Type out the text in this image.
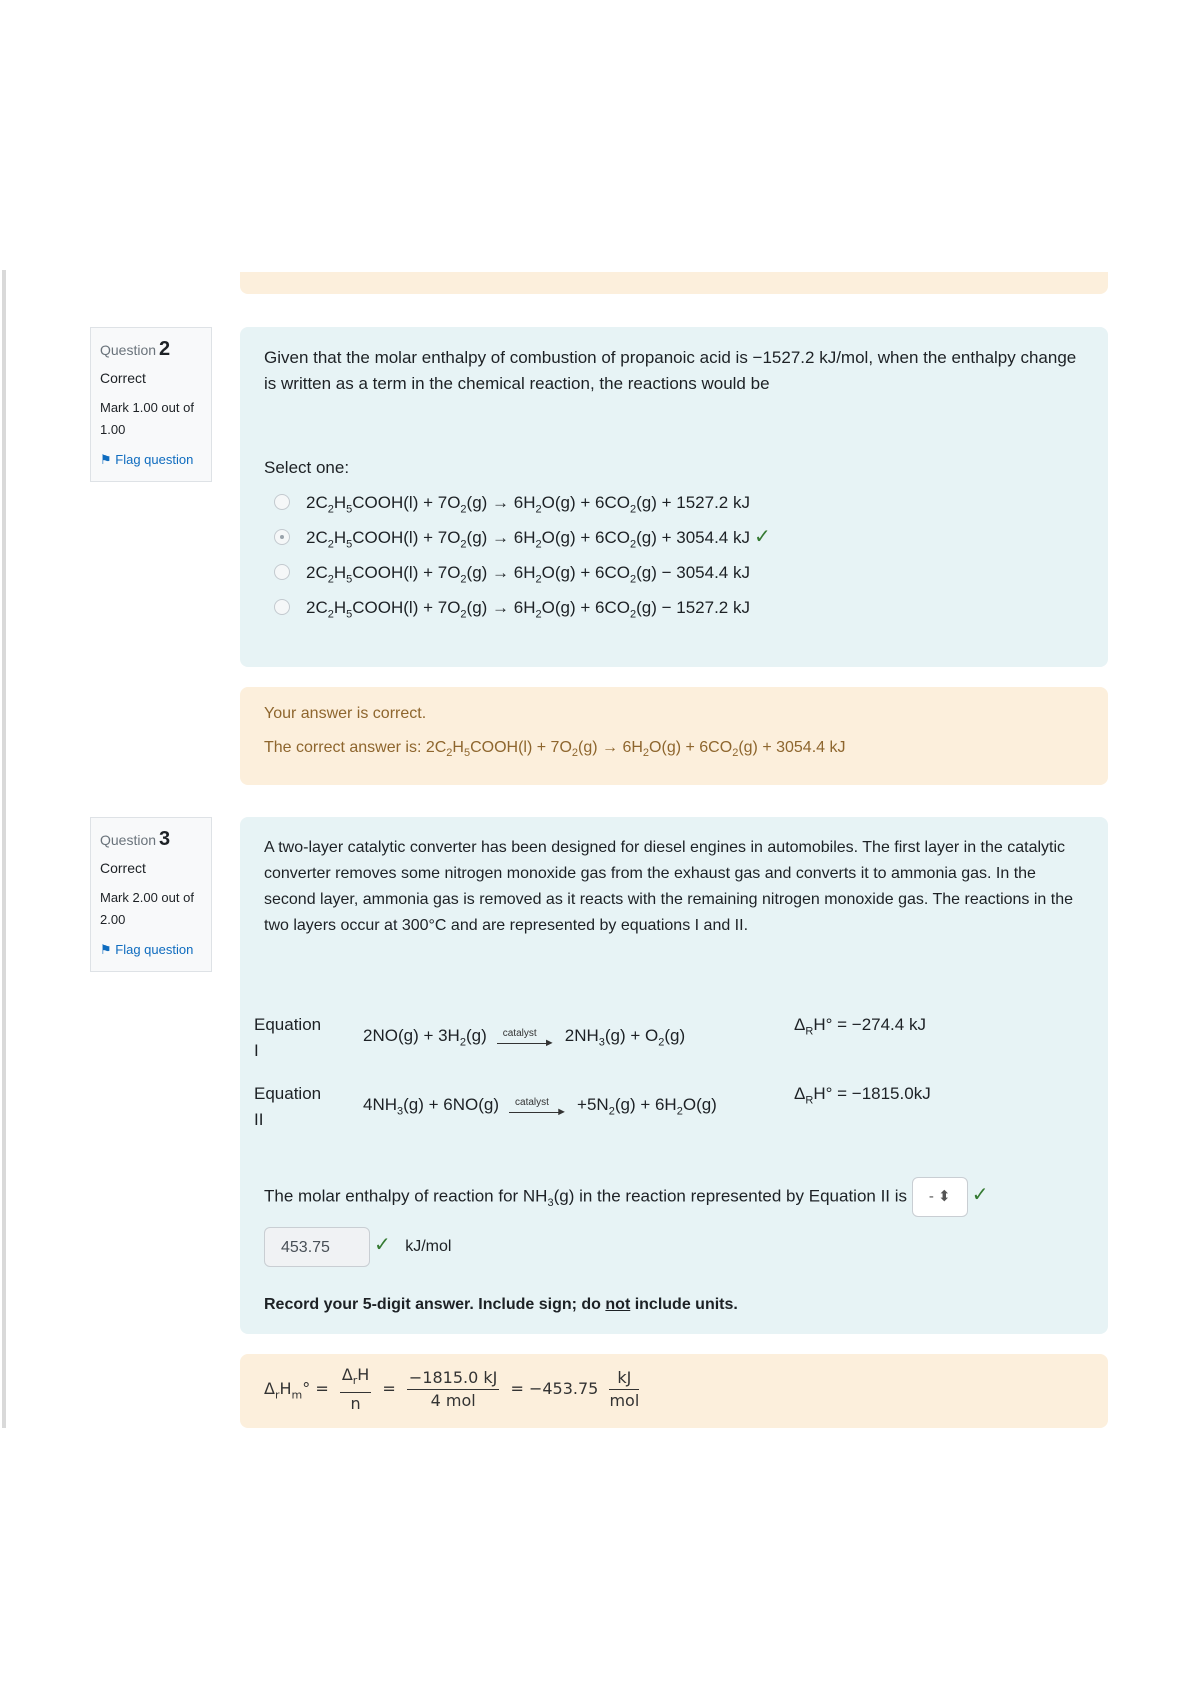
Question 2
Correct
Mark 1.00 out of 1.00
⚑ Flag question
Given that the molar enthalpy of combustion of propanoic acid is −1527.2 kJ/mol, when the enthalpy change is written as a term in the chemical reaction, the reactions would be
Select one:
$2C_2H_5COOH(l) + 7O_2(g) \to 6H_2O(g) + 6CO_2(g) + 1527.2$ kJ
$2C_2H_5COOH(l) + 7O_2(g) \to 6H_2O(g) + 6CO_2(g) + 3054.4$ kJ ✓
$2C_2H_5COOH(l) + 7O_2(g) \to 6H_2O(g) + 6CO_2(g) - 3054.4$ kJ
$2C_2H_5COOH(l) + 7O_2(g) \to 6H_2O(g) + 6CO_2(g) - 1527.2$ kJ
Your answer is correct.
The correct answer is: $2C_2H_5COOH(l) + 7O_2(g) \to 6H_2O(g) + 6CO_2(g) + 3054.4$ kJ
Question 3
Correct
Mark 2.00 out of 2.00
⚑ Flag question
A two-layer catalytic converter has been designed for diesel engines in automobiles. The first layer in the catalytic converter removes some nitrogen monoxide gas from the exhaust gas and converts it to ammonia gas. In the second layer, ammonia gas is removed as it reacts with the remaining nitrogen monoxide gas. The reactions in the two layers occur at 300°C and are represented by equations I and II.
Equation I
$2NO(g) + 3H_2(g)$ catalyst
► $2NH_3(g) + O_2(g)$
$\Delta_RH^\circ = -274.4$ kJ
Equation II
$4NH_3(g) + 6NO(g)$ catalyst
► $+5N_2(g) + 6H_2O(g)$
$\Delta_RH^\circ = -1815.0kJ$
The molar enthalpy of reaction for $NH_3(g)$ in the reaction represented by Equation II is - ⬍ ✓
453.75 ✓ kJ/mol
Record your 5-digit answer. Include sign; do not include units.
$\Delta_rH_m^\circ = \frac{\Delta_rH}{n} = \frac{-1815.0 kJ}{\text{4 mol}} = -453.75 \frac{kJ}{\text{mol}}$
